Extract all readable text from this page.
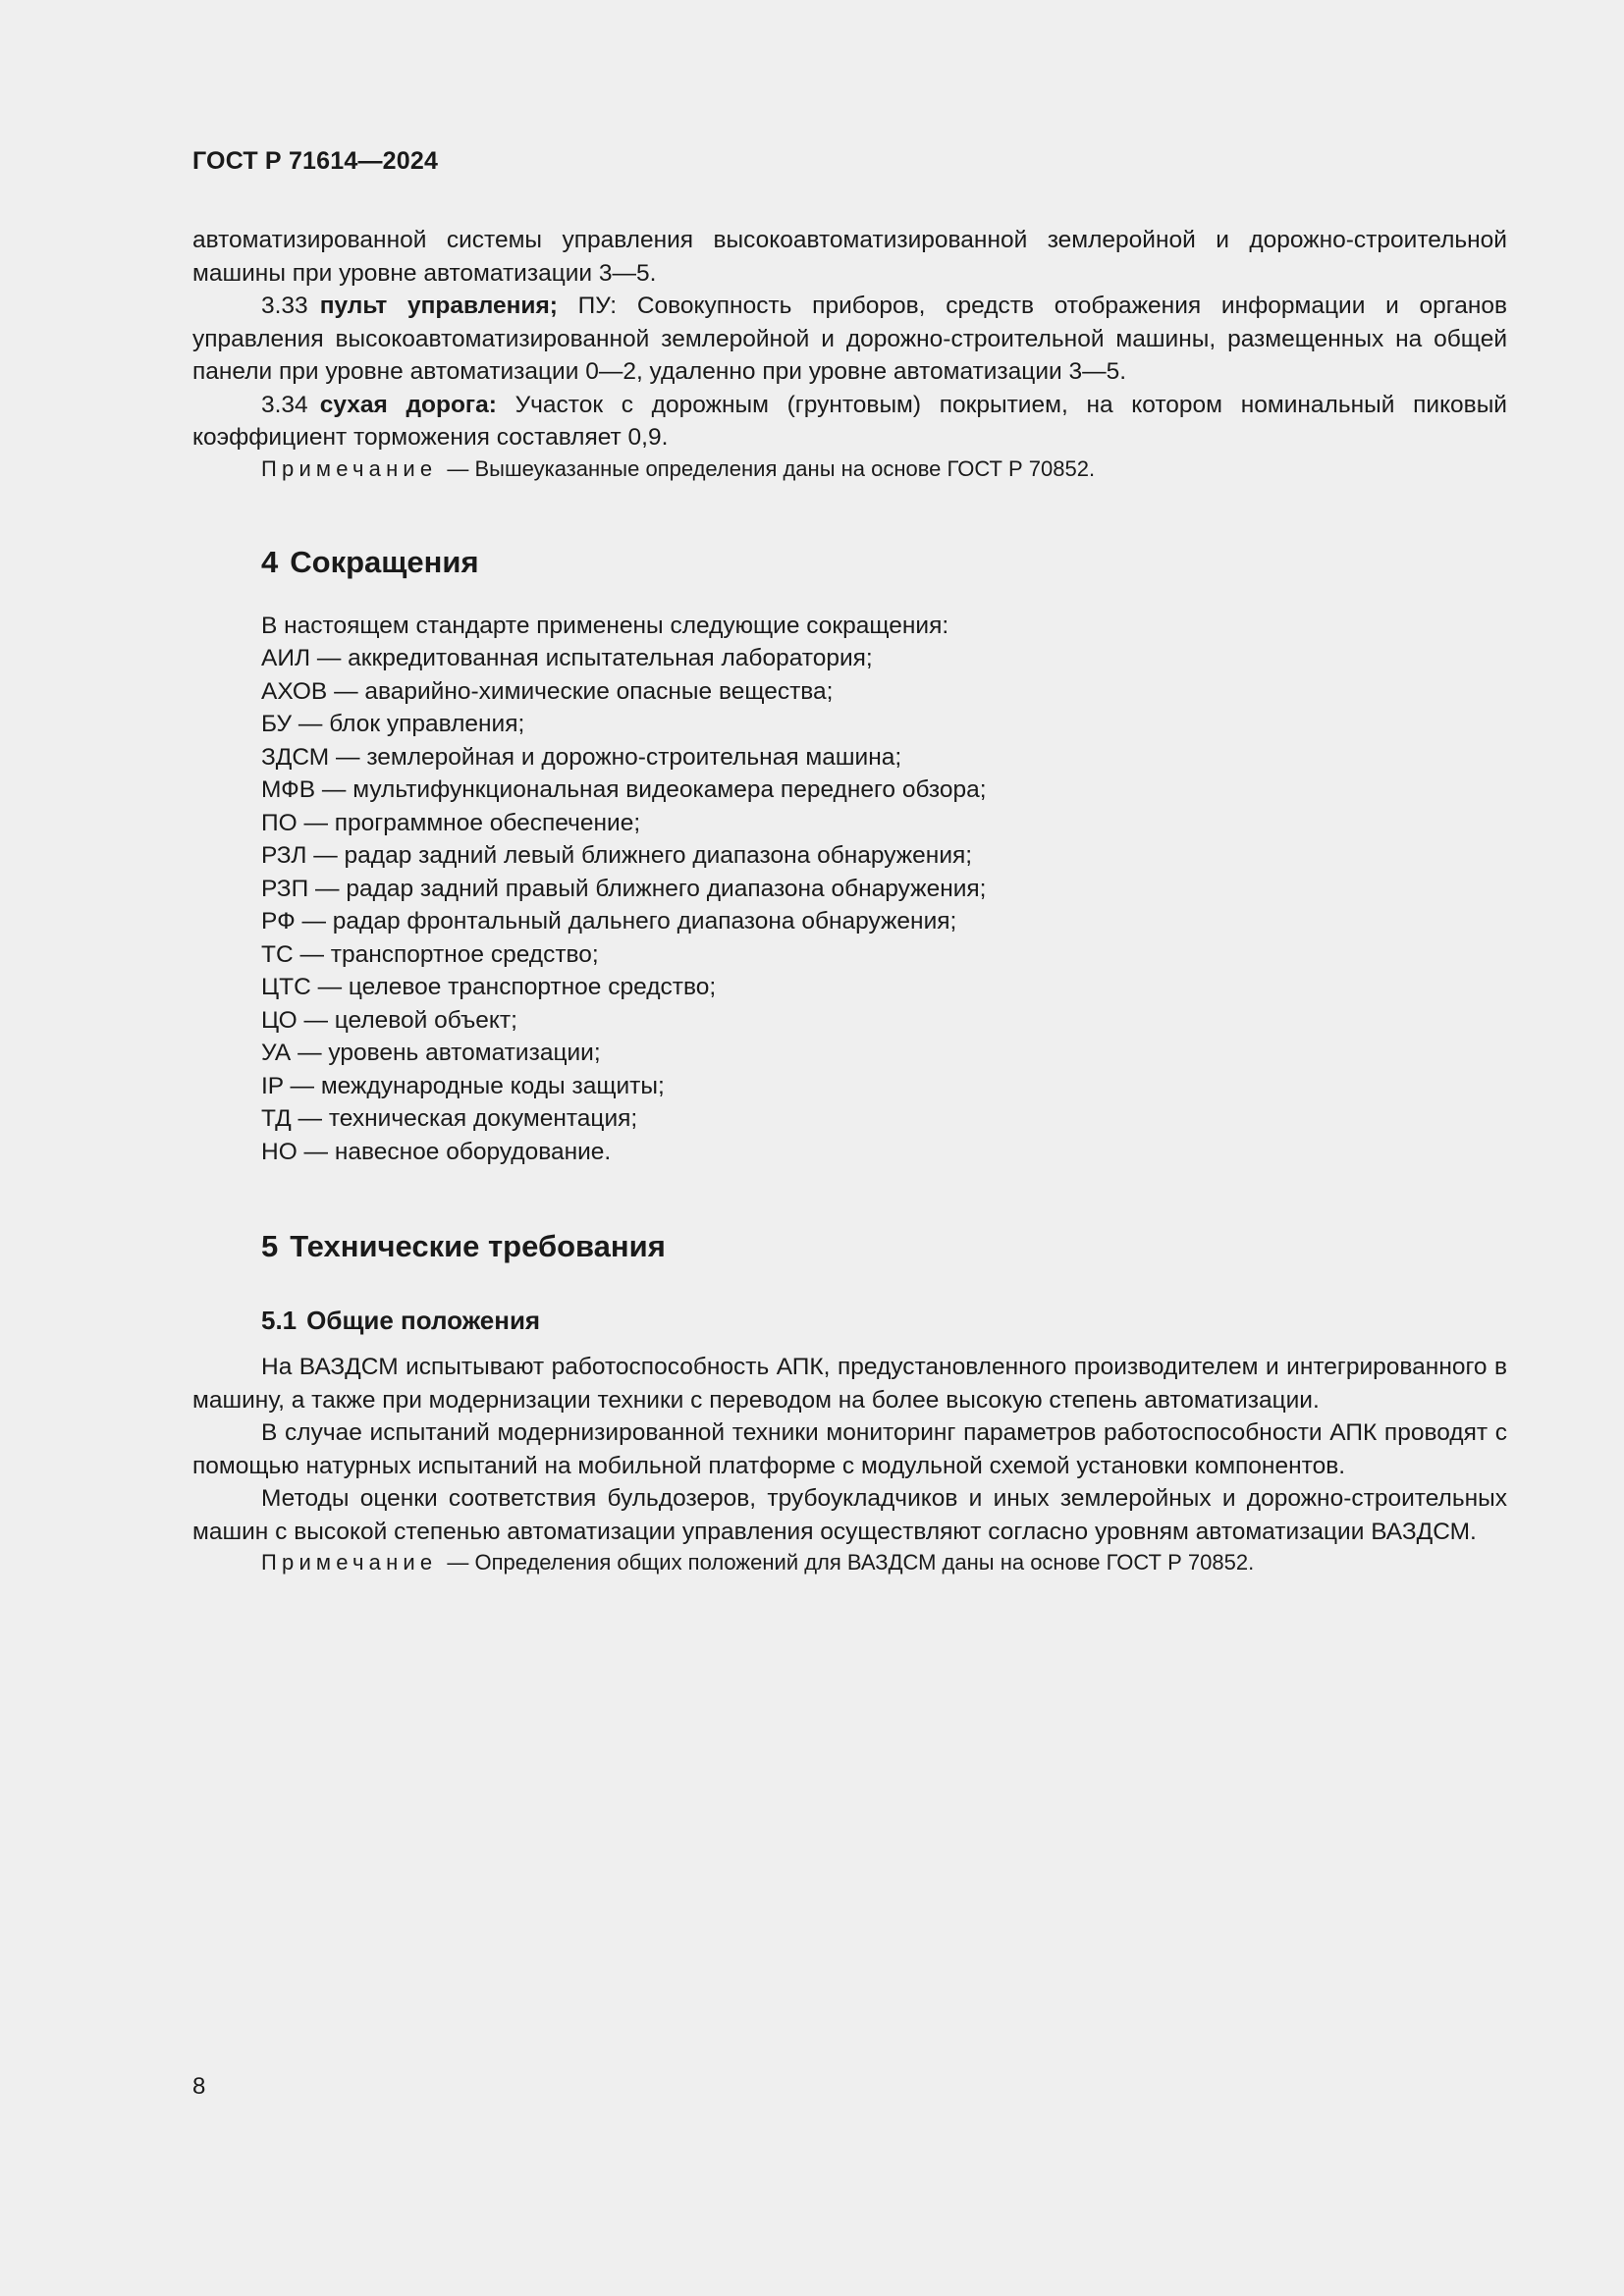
ГОСТ Р 71614—2024

автоматизированной системы управления высокоавтоматизированной землеройной и дорожно-строительной машины при уровне автоматизации 3—5.

3.33 пульт управления; ПУ: Совокупность приборов, средств отображения информации и органов управления высокоавтоматизированной землеройной и дорожно-строительной машины, размещенных на общей панели при уровне автоматизации 0—2, удаленно при уровне автоматизации 3—5.

3.34 сухая дорога: Участок с дорожным (грунтовым) покрытием, на котором номинальный пиковый коэффициент торможения составляет 0,9.

Примечание — Вышеуказанные определения даны на основе ГОСТ Р 70852.

4 Сокращения

В настоящем стандарте применены следующие сокращения:

АИЛ — аккредитованная испытательная лаборатория;
АХОВ — аварийно-химические опасные вещества;
БУ — блок управления;
ЗДСМ — землеройная и дорожно-строительная машина;
МФВ — мультифункциональная видеокамера переднего обзора;
ПО — программное обеспечение;
РЗЛ — радар задний левый ближнего диапазона обнаружения;
РЗП — радар задний правый ближнего диапазона обнаружения;
РФ — радар фронтальный дальнего диапазона обнаружения;
ТС — транспортное средство;
ЦТС — целевое транспортное средство;
ЦО — целевой объект;
УА — уровень автоматизации;
IP — международные коды защиты;
ТД — техническая документация;
НО — навесное оборудование.
5 Технические требования
5.1 Общие положения

На ВАЗДСМ испытывают работоспособность АПК, предустановленного производителем и интегрированного в машину, а также при модернизации техники с переводом на более высокую степень автоматизации.

В случае испытаний модернизированной техники мониторинг параметров работоспособности АПК проводят с помощью натурных испытаний на мобильной платформе с модульной схемой установки компонентов.

Методы оценки соответствия бульдозеров, трубоукладчиков и иных землеройных и дорожно-строительных машин с высокой степенью автоматизации управления осуществляют согласно уровням автоматизации ВАЗДСМ.

Примечание — Определения общих положений для ВАЗДСМ даны на основе ГОСТ Р 70852.

8
